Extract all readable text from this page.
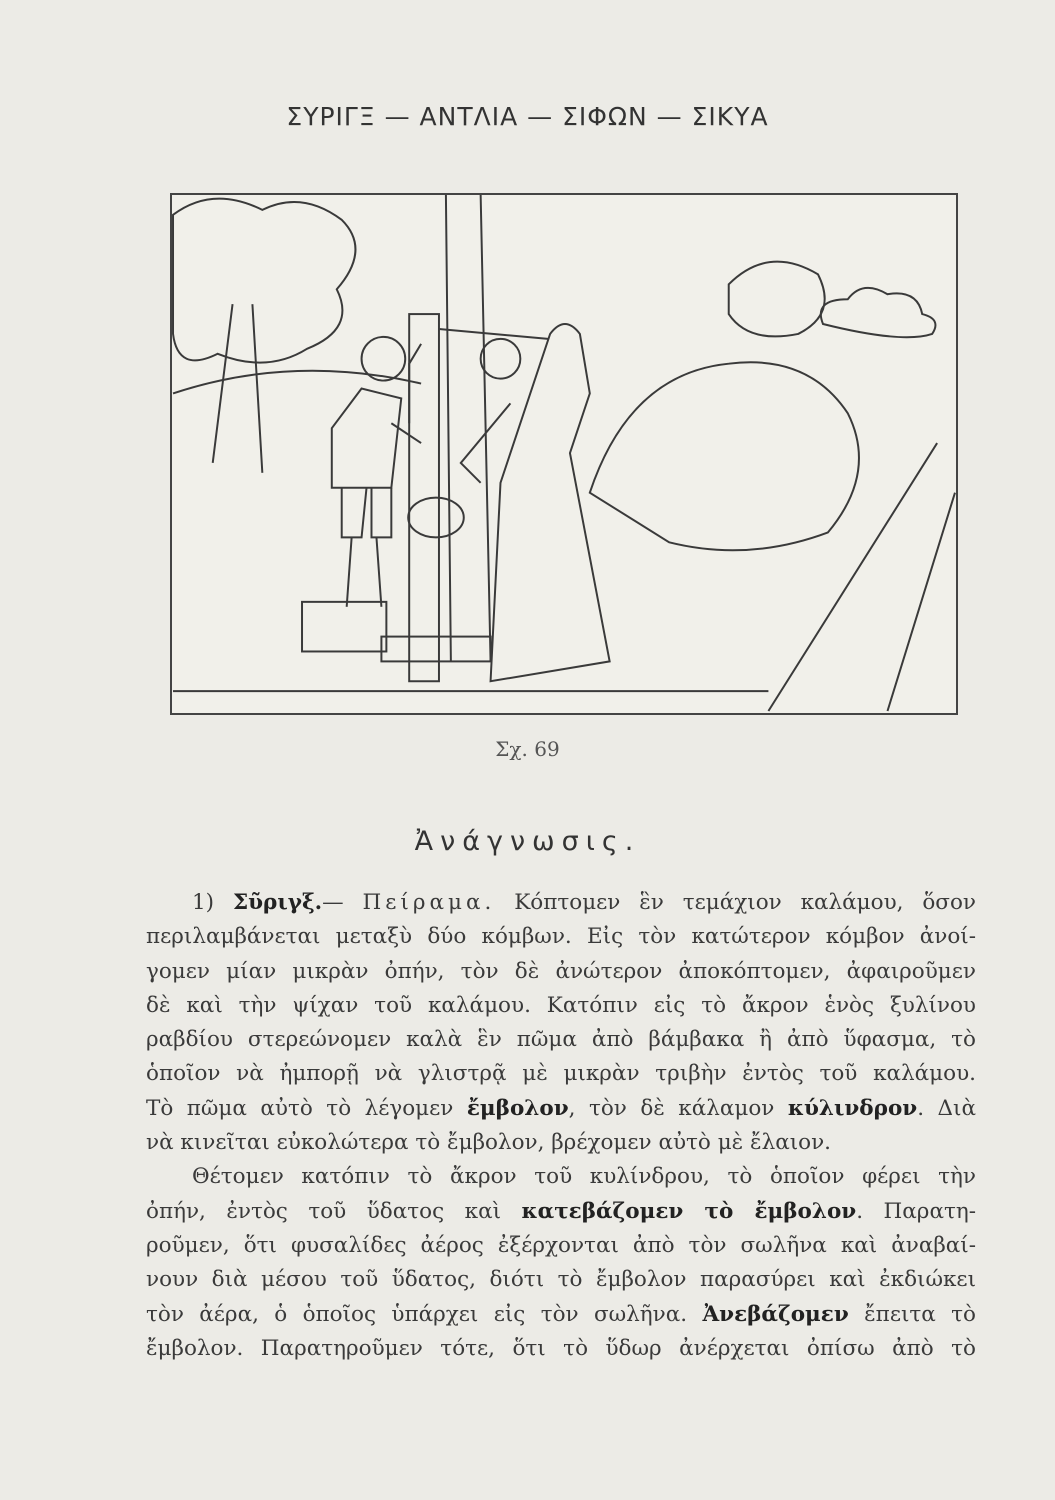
ΣΥΡΙΓΞ — ΑΝΤΛΙΑ — ΣΙΦΩΝ — ΣΙΚΥΑ
Σχ. 69
Ἀνάγνωσις.
1) Σῦριγξ.— Πείραμα. Κόπτομεν ἓν τεμάχιον καλάμου, ὅσον
περιλαμβάνεται μεταξὺ δύο κόμβων. Εἰς τὸν κατώτερον κόμβον ἀνοί-
γομεν μίαν μικρὰν ὀπήν, τὸν δὲ ἀνώτερον ἀποκόπτομεν, ἀφαιροῦμεν
δὲ καὶ τὴν ψίχαν τοῦ καλάμου. Κατόπιν εἰς τὸ ἄκρον ἑνὸς ξυλίνου
ραβδίου στερεώνομεν καλὰ ἓν πῶμα ἀπὸ βάμβακα ἢ ἀπὸ ὕφασμα, τὸ
ὁποῖον νὰ ἠμπορῇ νὰ γλιστρᾷ μὲ μικρὰν τριβὴν ἐντὸς τοῦ καλάμου.
Τὸ πῶμα αὐτὸ τὸ λέγομεν ἔμβολον, τὸν δὲ κάλαμον κύλινδρον. Διὰ
νὰ κινεῖται εὐκολώτερα τὸ ἔμβολον, βρέχομεν αὐτὸ μὲ ἔλαιον.
Θέτομεν κατόπιν τὸ ἄκρον τοῦ κυλίνδρου, τὸ ὁποῖον φέρει τὴν
ὀπήν, ἐντὸς τοῦ ὕδατος καὶ κατεβάζομεν τὸ ἔμβολον. Παρατη-
ροῦμεν, ὅτι φυσαλίδες ἀέρος ἐξέρχονται ἀπὸ τὸν σωλῆνα καὶ ἀναβαί-
νουν διὰ μέσου τοῦ ὕδατος, διότι τὸ ἔμβολον παρασύρει καὶ ἐκδιώκει
τὸν ἀέρα, ὁ ὁποῖος ὑπάρχει εἰς τὸν σωλῆνα. Ἀνεβάζομεν ἔπειτα τὸ
ἔμβολον. Παρατηροῦμεν τότε, ὅτι τὸ ὕδωρ ἀνέρχεται ὀπίσω ἀπὸ τὸ
